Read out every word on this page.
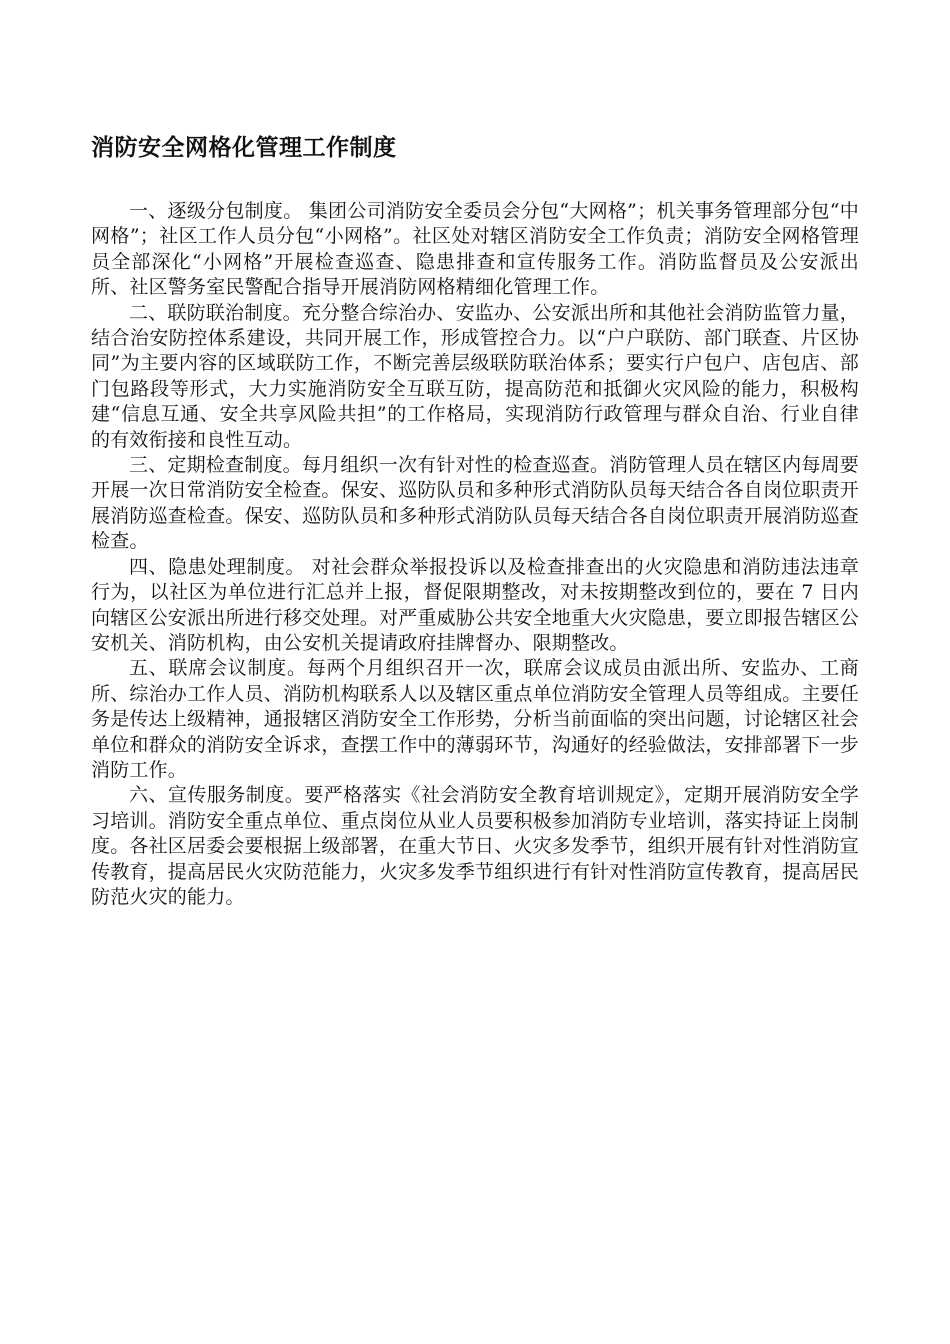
消防安全网格化管理工作制度

一、逐级分包制度。 集团公司消防安全委员会分包“大网格”；机关事务管理部分包“中网格”；社区工作人员分包“小网格”。社区处对辖区消防安全工作负责；消防安全网格管理员全部深化“小网格”开展检查巡查、隐患排查和宣传服务工作。消防监督员及公安派出所、社区警务室民警配合指导开展消防网格精细化管理工作。

二、联防联治制度。充分整合综治办、安监办、公安派出所和其他社会消防监管力量，结合治安防控体系建设，共同开展工作，形成管控合力。以“户户联防、部门联查、片区协同”为主要内容的区域联防工作，不断完善层级联防联治体系；要实行户包户、店包店、部门包路段等形式，大力实施消防安全互联互防，提高防范和抵御火灾风险的能力，积极构建“信息互通、安全共享风险共担”的工作格局，实现消防行政管理与群众自治、行业自律的有效衔接和良性互动。

三、定期检查制度。每月组织一次有针对性的检查巡查。消防管理人员在辖区内每周要开展一次日常消防安全检查。保安、巡防队员和多种形式消防队员每天结合各自岗位职责开展消防巡查检查。保安、巡防队员和多种形式消防队员每天结合各自岗位职责开展消防巡查检查。

四、隐患处理制度。 对社会群众举报投诉以及检查排查出的火灾隐患和消防违法违章行为，以社区为单位进行汇总并上报，督促限期整改，对未按期整改到位的，要在 7 日内向辖区公安派出所进行移交处理。对严重威胁公共安全地重大火灾隐患，要立即报告辖区公安机关、消防机构，由公安机关提请政府挂牌督办、限期整改。

五、联席会议制度。每两个月组织召开一次，联席会议成员由派出所、安监办、工商所、综治办工作人员、消防机构联系人以及辖区重点单位消防安全管理人员等组成。主要任务是传达上级精神，通报辖区消防安全工作形势，分析当前面临的突出问题，讨论辖区社会单位和群众的消防安全诉求，查摆工作中的薄弱环节，沟通好的经验做法，安排部署下一步消防工作。

六、宣传服务制度。要严格落实《社会消防安全教育培训规定》，定期开展消防安全学习培训。消防安全重点单位、重点岗位从业人员要积极参加消防专业培训，落实持证上岗制度。各社区居委会要根据上级部署，在重大节日、火灾多发季节，组织开展有针对性消防宣传教育，提高居民火灾防范能力，火灾多发季节组织进行有针对性消防宣传教育，提高居民防范火灾的能力。
